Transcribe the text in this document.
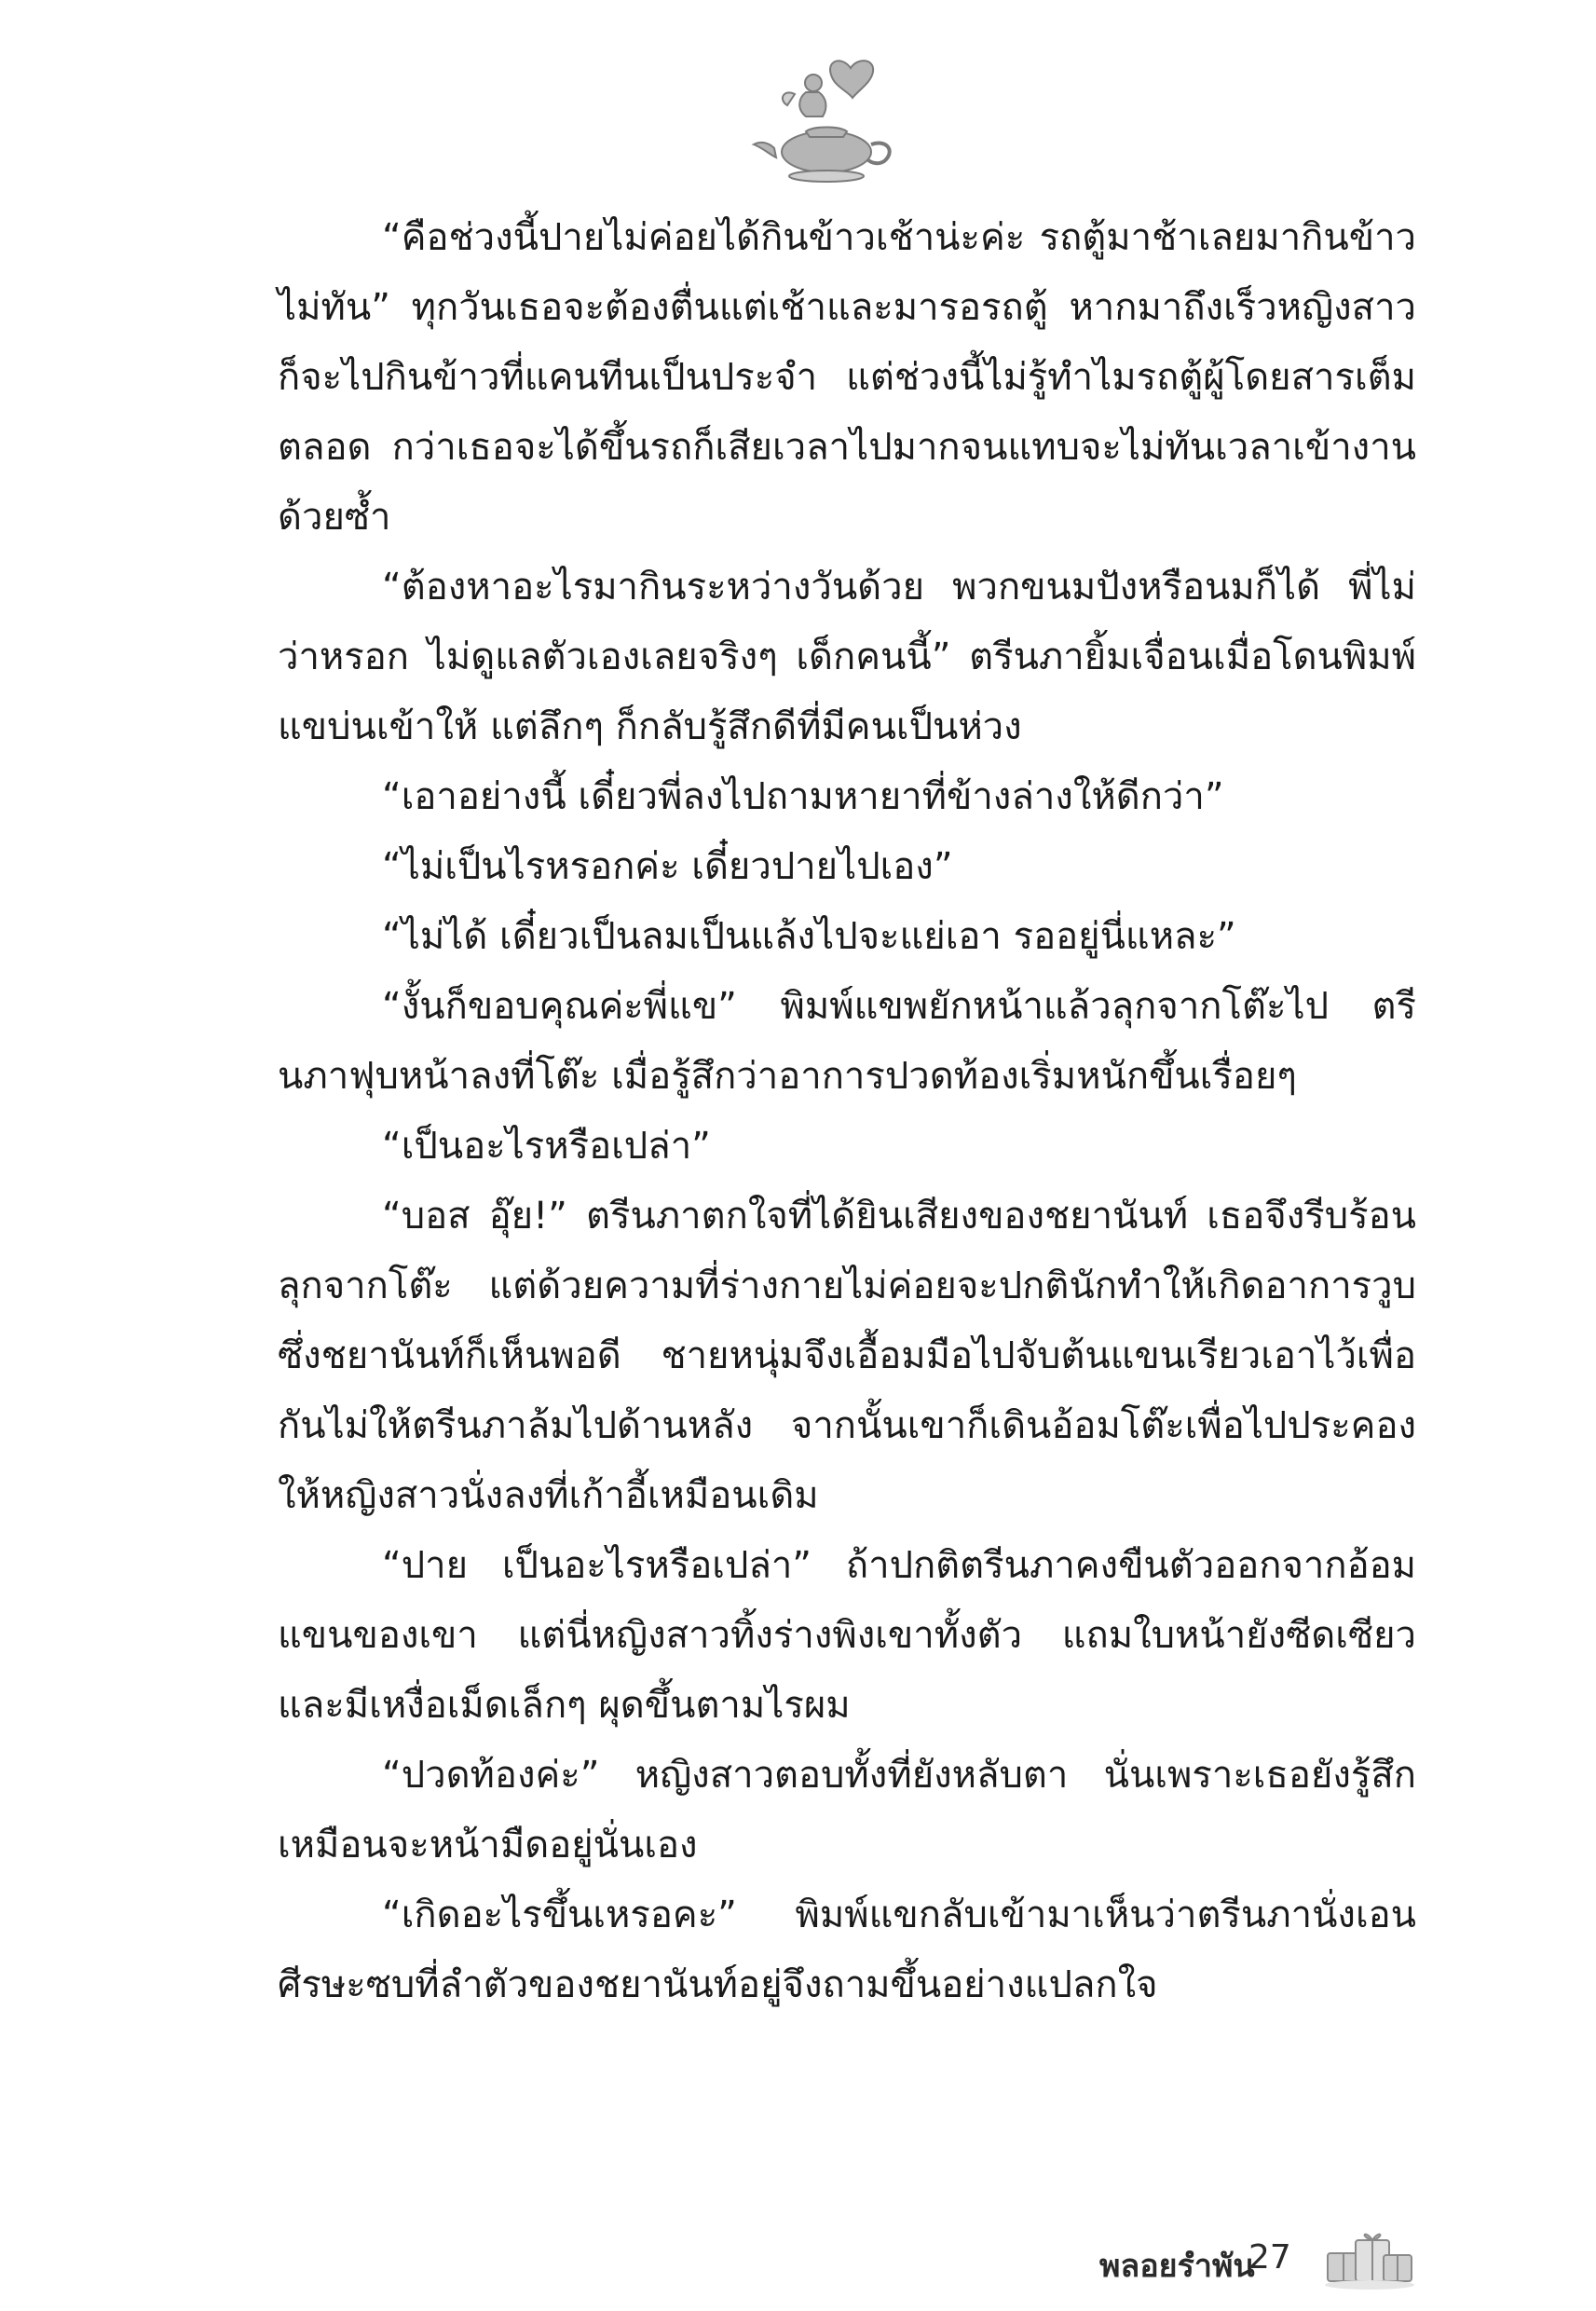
“คือช่วงนี้ปายไม่ค่อยได้กินข้าวเช้าน่ะค่ะ รถตู้มาช้าเลยมากินข้าวไม่ทัน” ทุกวันเธอจะต้องตื่นแต่เช้าและมารอรถตู้ หากมาถึงเร็วหญิงสาวก็จะไปกินข้าวที่แคนทีนเป็นประจำ แต่ช่วงนี้ไม่รู้ทำไมรถตู้ผู้โดยสารเต็มตลอด กว่าเธอจะได้ขึ้นรถก็เสียเวลาไปมากจนแทบจะไม่ทันเวลาเข้างานด้วยซ้ำ

“ต้องหาอะไรมากินระหว่างวันด้วย พวกขนมปังหรือนมก็ได้ พี่ไม่ว่าหรอก ไม่ดูแลตัวเองเลยจริงๆ เด็กคนนี้” ตรีนภายิ้มเจื่อนเมื่อโดนพิมพ์แขบ่นเข้าให้ แต่ลึกๆ ก็กลับรู้สึกดีที่มีคนเป็นห่วง

“เอาอย่างนี้ เดี๋ยวพี่ลงไปถามหายาที่ข้างล่างให้ดีกว่า”

“ไม่เป็นไรหรอกค่ะ เดี๋ยวปายไปเอง”

“ไม่ได้ เดี๋ยวเป็นลมเป็นแล้งไปจะแย่เอา รออยู่นี่แหละ”

“งั้นก็ขอบคุณค่ะพี่แข” พิมพ์แขพยักหน้าแล้วลุกจากโต๊ะไป ตรีนภาฟุบหน้าลงที่โต๊ะ เมื่อรู้สึกว่าอาการปวดท้องเริ่มหนักขึ้นเรื่อยๆ

“เป็นอะไรหรือเปล่า”

“บอส อุ๊ย!” ตรีนภาตกใจที่ได้ยินเสียงของชยานันท์ เธอจึงรีบร้อนลุกจากโต๊ะ แต่ด้วยความที่ร่างกายไม่ค่อยจะปกตินักทำให้เกิดอาการวูบ ซึ่งชยานันท์ก็เห็นพอดี ชายหนุ่มจึงเอื้อมมือไปจับต้นแขนเรียวเอาไว้เพื่อกันไม่ให้ตรีนภาล้มไปด้านหลัง จากนั้นเขาก็เดินอ้อมโต๊ะเพื่อไปประคองให้หญิงสาวนั่งลงที่เก้าอี้เหมือนเดิม

“ปาย เป็นอะไรหรือเปล่า” ถ้าปกติตรีนภาคงขืนตัวออกจากอ้อมแขนของเขา แต่นี่หญิงสาวทิ้งร่างพิงเขาทั้งตัว แถมใบหน้ายังซีดเซียวและมีเหงื่อเม็ดเล็กๆ ผุดขึ้นตามไรผม

“ปวดท้องค่ะ” หญิงสาวตอบทั้งที่ยังหลับตา นั่นเพราะเธอยังรู้สึกเหมือนจะหน้ามืดอยู่นั่นเอง

“เกิดอะไรขึ้นเหรอคะ” พิมพ์แขกลับเข้ามาเห็นว่าตรีนภานั่งเอนศีรษะซบที่ลำตัวของชยานันท์อยู่จึงถามขึ้นอย่างแปลกใจ

พลอยรำพัน
27
